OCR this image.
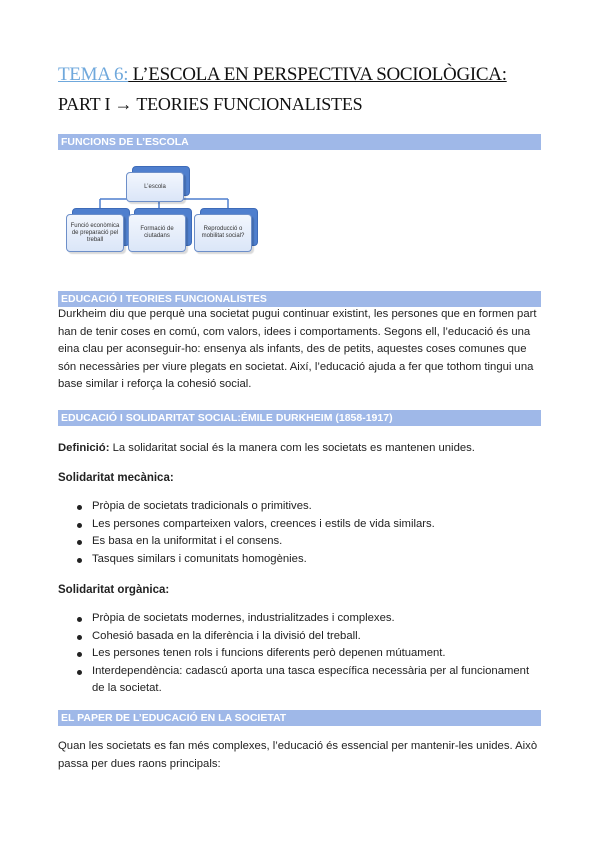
TEMA 6: L’ESCOLA EN PERSPECTIVA SOCIOLÒGICA:
PART I → TEORIES FUNCIONALISTES
FUNCIONS DE L’ESCOLA
L’escola
Funció econòmica de preparació pel treball
Formació de ciutadans
Reproducció o mobilitat social?
EDUCACIÓ I TEORIES FUNCIONALISTES
Durkheim diu que perquè una societat pugui continuar existint, les persones que en formen part han de tenir coses en comú, com valors, idees i comportaments. Segons ell, l’educació és una eina clau per aconseguir-ho: ensenya als infants, des de petits, aquestes coses comunes que són necessàries per viure plegats en societat. Així, l’educació ajuda a fer que tothom tingui una base similar i reforça la cohesió social.
EDUCACIÓ I SOLIDARITAT SOCIAL:ÉMILE DURKHEIM (1858-1917)
Definició: La solidaritat social és la manera com les societats es mantenen unides.
Solidaritat mecànica:
Pròpia de societats tradicionals o primitives.
Les persones comparteixen valors, creences i estils de vida similars.
Es basa en la uniformitat i el consens.
Tasques similars i comunitats homogènies.
Solidaritat orgànica:
Pròpia de societats modernes, industrialitzades i complexes.
Cohesió basada en la diferència i la divisió del treball.
Les persones tenen rols i funcions diferents però depenen mútuament.
Interdependència: cadascú aporta una tasca específica necessària per al funcionament de la societat.
EL PAPER DE L’EDUCACIÓ EN LA SOCIETAT
Quan les societats es fan més complexes, l’educació és essencial per mantenir-les unides. Això passa per dues raons principals:
